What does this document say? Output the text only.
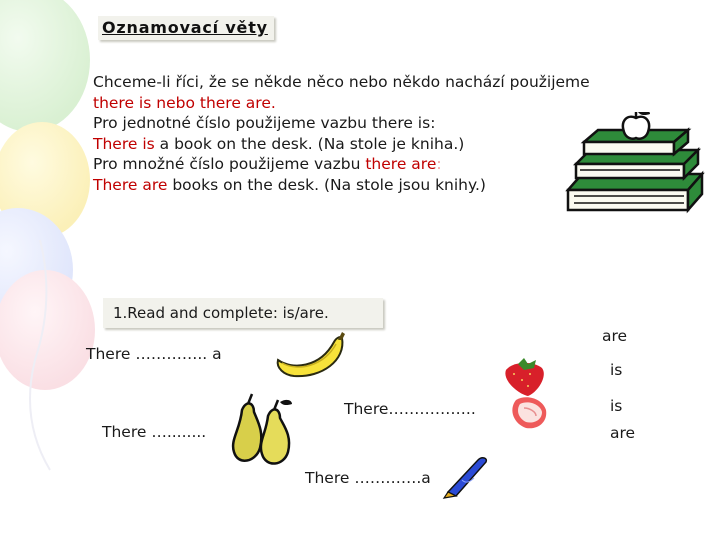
Oznamovací věty
Chceme-li říci, že se někde něco nebo někdo nachází použijeme
there is nebo there are.
Pro jednotné číslo použijeme vazbu there is:
There is a book on the desk. (Na stole je kniha.)
Pro množné číslo použijeme vazbu there are:
There are books on the desk. (Na stole jsou knihy.)
1.Read and complete: is/are.
There ………….. a
There……………..
There …........
There ………….a
are
is
is
are
